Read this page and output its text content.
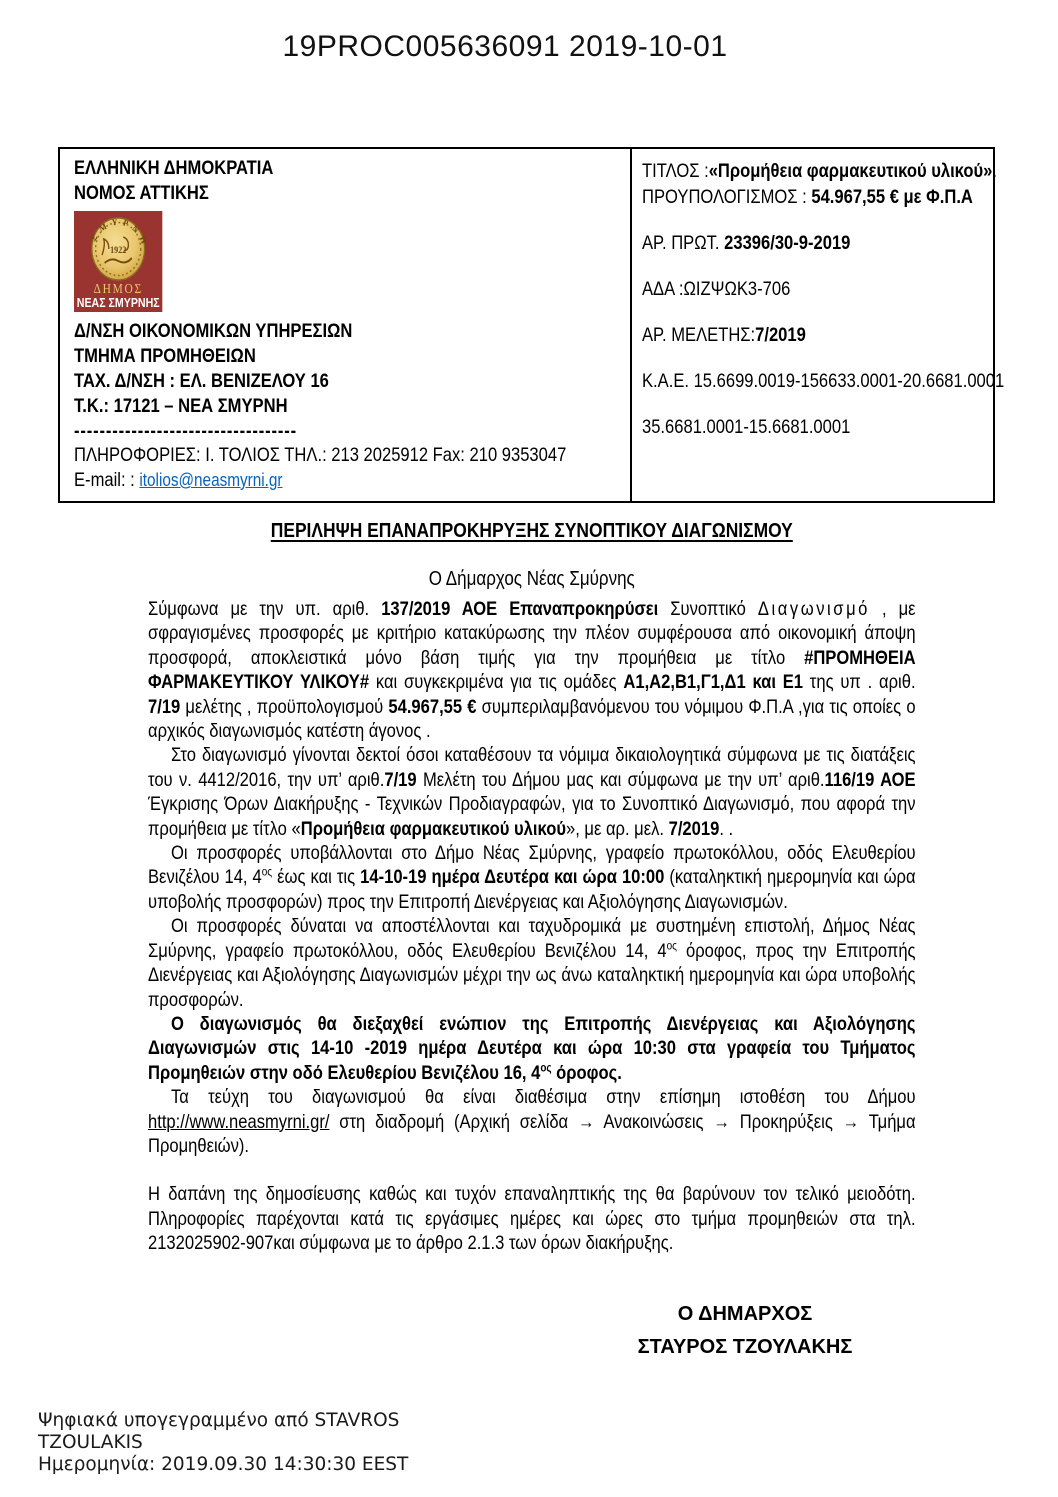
19PROC005636091 2019-10-01
ΕΛΛΗΝΙΚΗ ΔΗΜΟΚΡΑΤΙΑ
ΝΟΜΟΣ ΑΤΤΙΚΗΣ
ΣΜΥΡΝΗ
1922
ΔΗΜΟΣ
ΝΕΑΣ ΣΜΥΡΝΗΣ
Δ/ΝΣΗ ΟΙΚΟΝΟΜΙΚΩΝ ΥΠΗΡΕΣΙΩΝ
ΤΜΗΜΑ ΠΡΟΜΗΘΕΙΩΝ
ΤΑΧ. Δ/ΝΣΗ : ΕΛ. ΒΕΝΙΖΕΛΟΥ 16
Τ.Κ.: 17121 – ΝΕΑ ΣΜΥΡΝΗ
-----------------------------------
ΠΛΗΡΟΦΟΡΙΕΣ: Ι. ΤΟΛΙΟΣ ΤΗΛ.: 213 2025912 Fax: 210 9353047
E-mail: : itolios@neasmyrni.gr
ΤΙΤΛΟΣ :«Προμήθεια φαρμακευτικού υλικού».
ΠΡΟΥΠΟΛΟΓΙΣΜΟΣ : 54.967,55 € με Φ.Π.Α
ΑΡ. ΠΡΩΤ. 23396/30-9-2019
ΑΔΑ :ΩΙΖΨΩΚ3-706
ΑΡ. ΜΕΛΕΤΗΣ:7/2019
Κ.Α.Ε. 15.6699.0019-156633.0001-20.6681.0001
35.6681.0001-15.6681.0001
ΠΕΡΙΛΗΨΗ ΕΠΑΝΑΠΡΟΚΗΡΥΞΗΣ ΣΥΝΟΠΤΙΚΟΥ ΔΙΑΓΩΝΙΣΜΟΥ
Ο Δήμαρχος Νέας Σμύρνης

Σύμφωνα με την υπ. αριθ. 137/2019 ΑΟΕ Επαναπροκηρύσει Συνοπτικό Διαγωνισμό , με σφραγισμένες προσφορές με κριτήριο κατακύρωσης την πλέον συμφέρουσα από οικονομική άποψη προσφορά, αποκλειστικά μόνο βάση τιμής για την προμήθεια με τίτλο #ΠΡΟΜΗΘΕΙΑ ΦΑΡΜΑΚΕΥΤΙΚΟΥ ΥΛΙΚΟΥ# και συγκεκριμένα για τις ομάδες Α1,Α2,Β1,Γ1,Δ1 και Ε1 της υπ . αριθ. 7/19 μελέτης , προϋπολογισμού 54.967,55 € συμπεριλαμβανόμενου του νόμιμου Φ.Π.Α ,για τις οποίες ο αρχικός διαγωνισμός κατέστη άγονος .

Στο διαγωνισμό γίνονται δεκτοί όσοι καταθέσουν τα νόμιμα δικαιολογητικά σύμφωνα με τις διατάξεις του ν. 4412/2016, την υπ’ αριθ.7/19 Μελέτη του Δήμου μας και σύμφωνα με την υπ’ αριθ.116/19 ΑΟΕ Έγκρισης Όρων Διακήρυξης - Τεχνικών Προδιαγραφών, για το Συνοπτικό Διαγωνισμό, που αφορά την προμήθεια με τίτλο «Προμήθεια φαρμακευτικού υλικού», με αρ. μελ. 7/2019. .

Οι προσφορές υποβάλλονται στο Δήμο Νέας Σμύρνης, γραφείο πρωτοκόλλου, οδός Ελευθερίου Βενιζέλου 14, $4^{o\varsigma}$ έως και τις 14-10-19 ημέρα Δευτέρα και ώρα 10:00 (καταληκτική ημερομηνία και ώρα υποβολής προσφορών) προς την Επιτροπή Διενέργειας και Αξιολόγησης Διαγωνισμών.

Οι προσφορές δύναται να αποστέλλονται και ταχυδρομικά με συστημένη επιστολή, Δήμος Νέας Σμύρνης, γραφείο πρωτοκόλλου, οδός Ελευθερίου Βενιζέλου 14, $4^{o\varsigma}$ όροφος, προς την Επιτροπής Διενέργειας και Αξιολόγησης Διαγωνισμών μέχρι την ως άνω καταληκτική ημερομηνία και ώρα υποβολής προσφορών.

Ο διαγωνισμός θα διεξαχθεί ενώπιον της Επιτροπής Διενέργειας και Αξιολόγησης Διαγωνισμών στις 14-10 -2019 ημέρα Δευτέρα και ώρα 10:30 στα γραφεία του Τμήματος Προμηθειών στην οδό Ελευθερίου Βενιζέλου 16, $4^{o\varsigma}$ όροφος.

Τα τεύχη του διαγωνισμού θα είναι διαθέσιμα στην επίσημη ιστοθέση του Δήμου http://www.neasmyrni.gr/ στη διαδρομή (Αρχική σελίδα → Ανακοινώσεις → Προκηρύξεις → Τμήμα Προμηθειών).

Η δαπάνη της δημοσίευσης καθώς και τυχόν επαναληπτικής της θα βαρύνουν τον τελικό μειοδότη. Πληροφορίες παρέχονται κατά τις εργάσιμες ημέρες και ώρες στο τμήμα προμηθειών στα τηλ. 2132025902-907και σύμφωνα με το άρθρο 2.1.3 των όρων διακήρυξης.

Ο ΔΗΜΑΡΧΟΣ
ΣΤΑΥΡΟΣ ΤΖΟΥΛΑΚΗΣ
Ψηφιακά υπογεγραμμένο από STAVROS
TZOULAKIS
Ημερομηνία: 2019.09.30 14:30:30 EEST
